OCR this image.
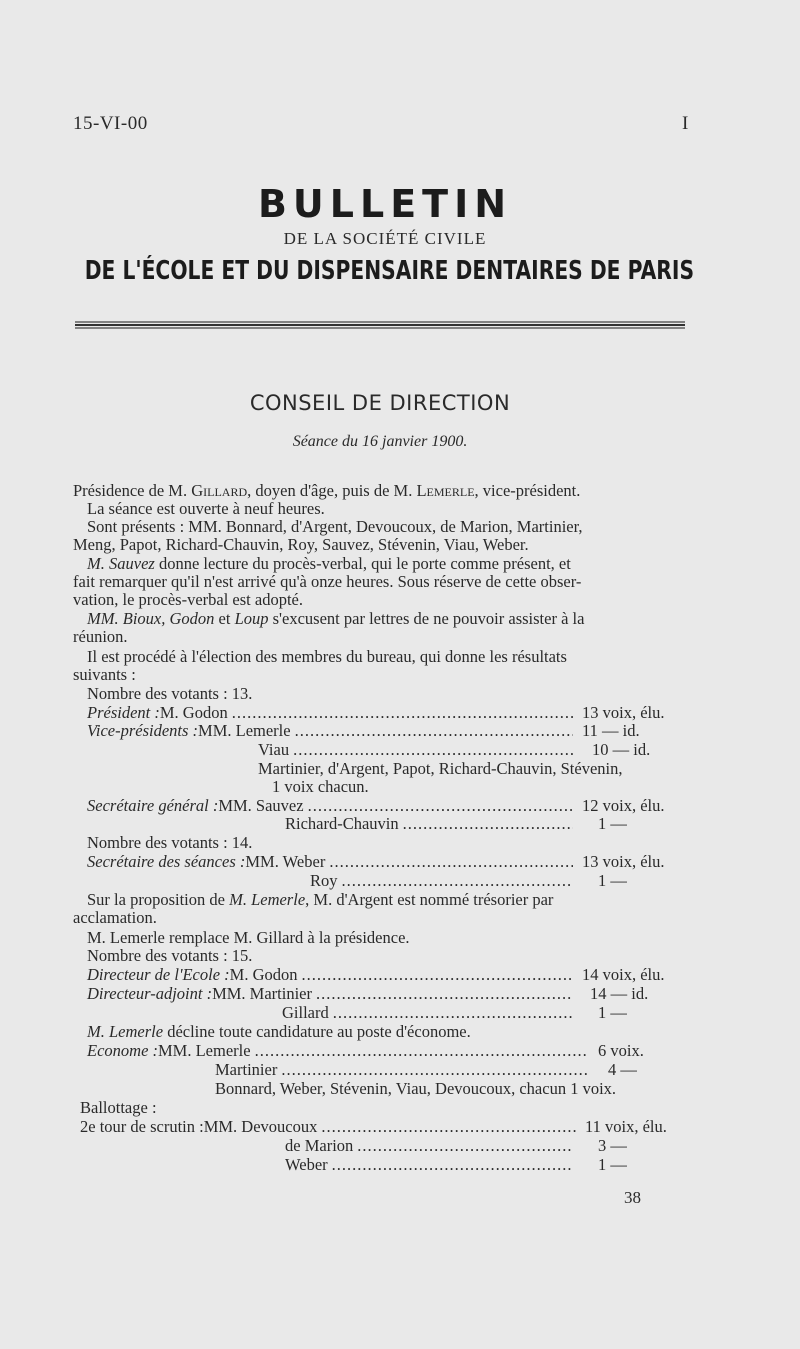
15-VI-00	I
BULLETIN
DE LA SOCIÉTÉ CIVILE
DE L'ÉCOLE ET DU DISPENSAIRE DENTAIRES DE PARIS
CONSEIL DE DIRECTION
Séance du 16 janvier 1900.
Présidence de M. Gillard, doyen d'âge, puis de M. Lemerle, vice-président.
La séance est ouverte à neuf heures.
Sont présents : MM. Bonnard, d'Argent, Devoucoux, de Marion, Martinier,
Meng, Papot, Richard-Chauvin, Roy, Sauvez, Stévenin, Viau, Weber.
M. Sauvez donne lecture du procès-verbal, qui le porte comme présent, et
fait remarquer qu'il n'est arrivé qu'à onze heures. Sous réserve de cette obser-
vation, le procès-verbal est adopté.
MM. Bioux, Godon et Loup s'excusent par lettres de ne pouvoir assister à la
réunion.
Il est procédé à l'élection des membres du bureau, qui donne les résultats
suivants :
Nombre des votants : 13.
Président : M. Godon .....	13 voix, élu.
Vice-présidents : MM. Lemerle .....	11 — id.
Viau .....	10 — id.
Martinier, d'Argent, Papot, Richard-Chauvin, Stévenin,
1 voix chacun.
Secrétaire général : MM. Sauvez .....	12 voix, élu.
Richard-Chauvin .....	1 —
Nombre des votants : 14.
Secrétaire des séances : MM. Weber .....	13 voix, élu.
Roy .....	1 —
Sur la proposition de M. Lemerle, M. d'Argent est nommé trésorier par
acclamation.
M. Lemerle remplace M. Gillard à la présidence.
Nombre des votants : 15.
Directeur de l'Ecole : M. Godon .....	14 voix, élu.
Directeur-adjoint : MM. Martinier .....	14 — id.
Gillard .....	1 —
M. Lemerle décline toute candidature au poste d'économe.
Econome : MM. Lemerle .....	6 voix.
Martinier .....	4 —
Bonnard, Weber, Stévenin, Viau, Devoucoux, chacun 1 voix.
Ballottage :
2e tour de scrutin : MM. Devoucoux .....	11 voix, élu.
de Marion .....	3 —
Weber .....	1 —
38
